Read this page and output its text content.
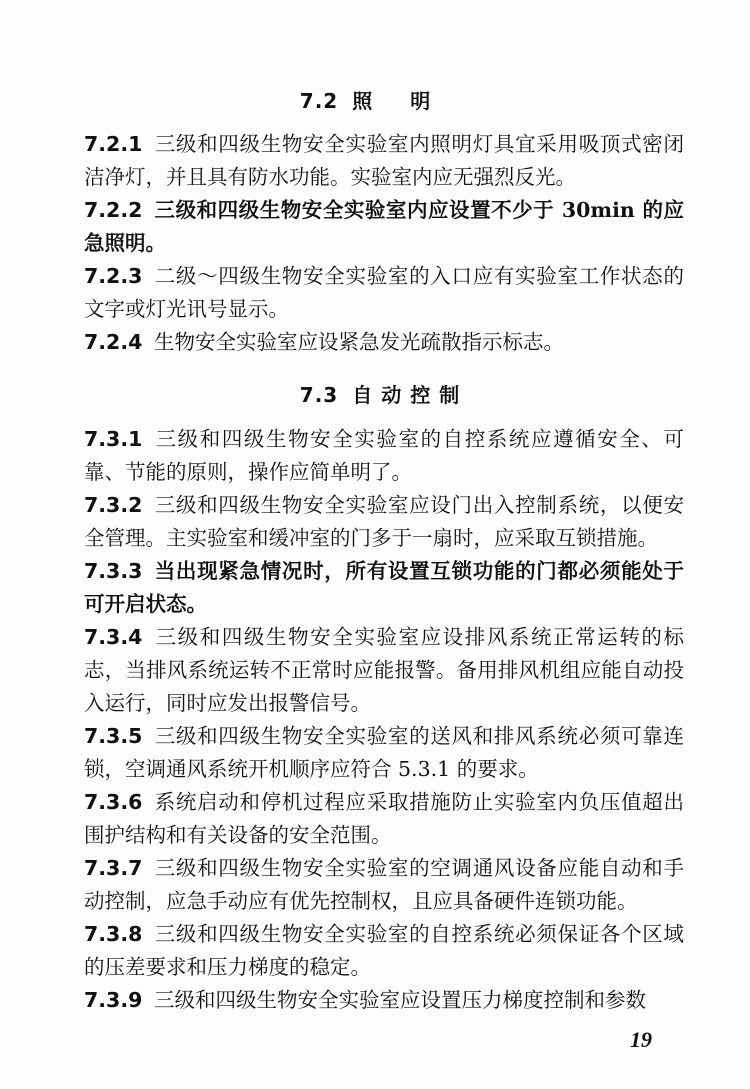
7.2 照明

7.2.1 三级和四级生物安全实验室内照明灯具宜采用吸顶式密闭洁净灯，并且具有防水功能。实验室内应无强烈反光。

7.2.2 三级和四级生物安全实验室内应设置不少于 30min 的应急照明。

7.2.3 二级～四级生物安全实验室的入口应有实验室工作状态的文字或灯光讯号显示。

7.2.4 生物安全实验室应设紧急发光疏散指示标志。

7.3 自动控制

7.3.1 三级和四级生物安全实验室的自控系统应遵循安全、可靠、节能的原则，操作应简单明了。

7.3.2 三级和四级生物安全实验室应设门出入控制系统，以便安全管理。主实验室和缓冲室的门多于一扇时，应采取互锁措施。

7.3.3 当出现紧急情况时，所有设置互锁功能的门都必须能处于可开启状态。

7.3.4 三级和四级生物安全实验室应设排风系统正常运转的标志，当排风系统运转不正常时应能报警。备用排风机组应能自动投入运行，同时应发出报警信号。

7.3.5 三级和四级生物安全实验室的送风和排风系统必须可靠连锁，空调通风系统开机顺序应符合 5.3.1 的要求。

7.3.6 系统启动和停机过程应采取措施防止实验室内负压值超出围护结构和有关设备的安全范围。

7.3.7 三级和四级生物安全实验室的空调通风设备应能自动和手动控制，应急手动应有优先控制权，且应具备硬件连锁功能。

7.3.8 三级和四级生物安全实验室的自控系统必须保证各个区域的压差要求和压力梯度的稳定。

7.3.9 三级和四级生物安全实验室应设置压力梯度控制和参数

19
